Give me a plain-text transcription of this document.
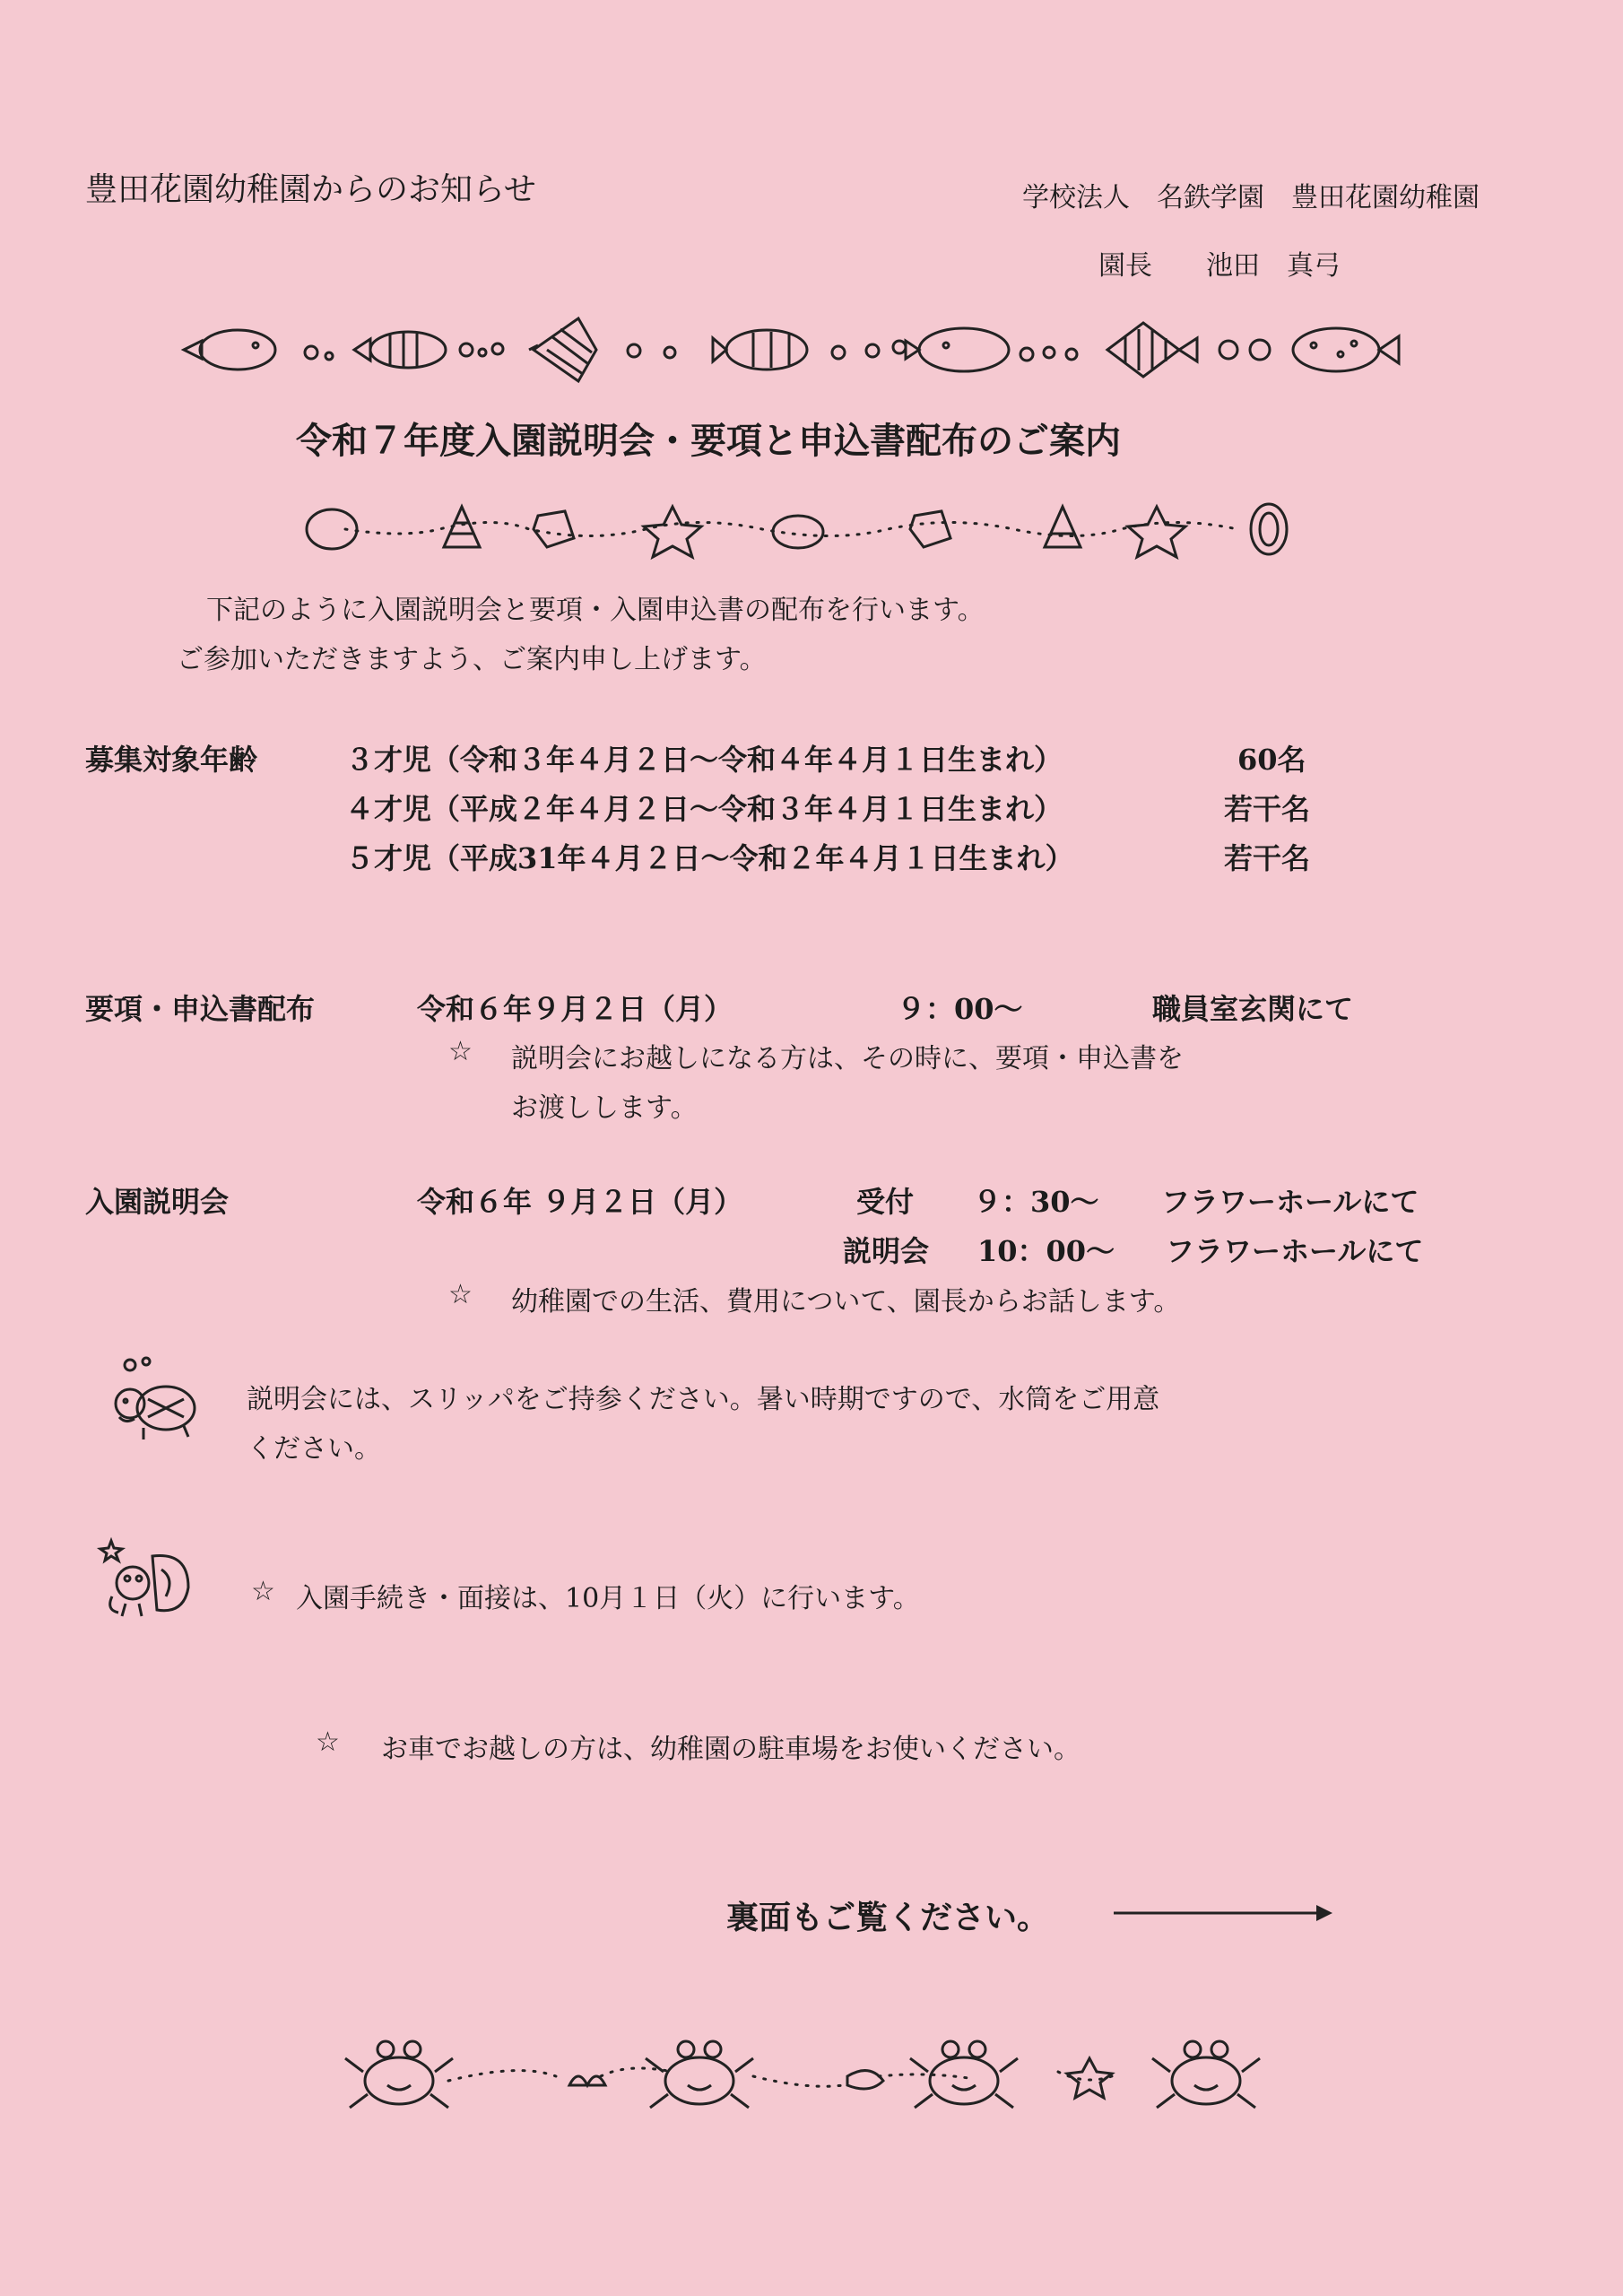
豊田花園幼稚園からのお知らせ	学校法人　名鉄学園　豊田花園幼稚園
園長 池田　真弓
令和７年度入園説明会・要項と申込書配布のご案内
下記のように入園説明会と要項・入園申込書の配布を行います。
ご参加いただきますよう、ご案内申し上げます。
募集対象年齢	３才児（令和３年４月２日～令和４年４月１日生まれ）	60名
４才児（平成２年４月２日～令和３年４月１日生まれ）	若干名
５才児（平成31年４月２日～令和２年４月１日生まれ）	若干名
要項・申込書配布	令和６年９月２日（月）	９：00～	職員室玄関にて
☆ 説明会にお越しになる方は、その時に、要項・申込書を
お渡しします。
入園説明会	令和６年 ９月２日（月）	受付 ９：30～ フラワーホールにて
説明会 10：00～ フラワーホールにて
☆ 幼稚園での生活、費用について、園長からお話します。
説明会には、スリッパをご持参ください。暑い時期ですので、水筒をご用意
ください。
☆ 入園手続き・面接は、10月１日（火）に行います。
☆ お車でお越しの方は、幼稚園の駐車場をお使いください。
裏面もご覧ください。
